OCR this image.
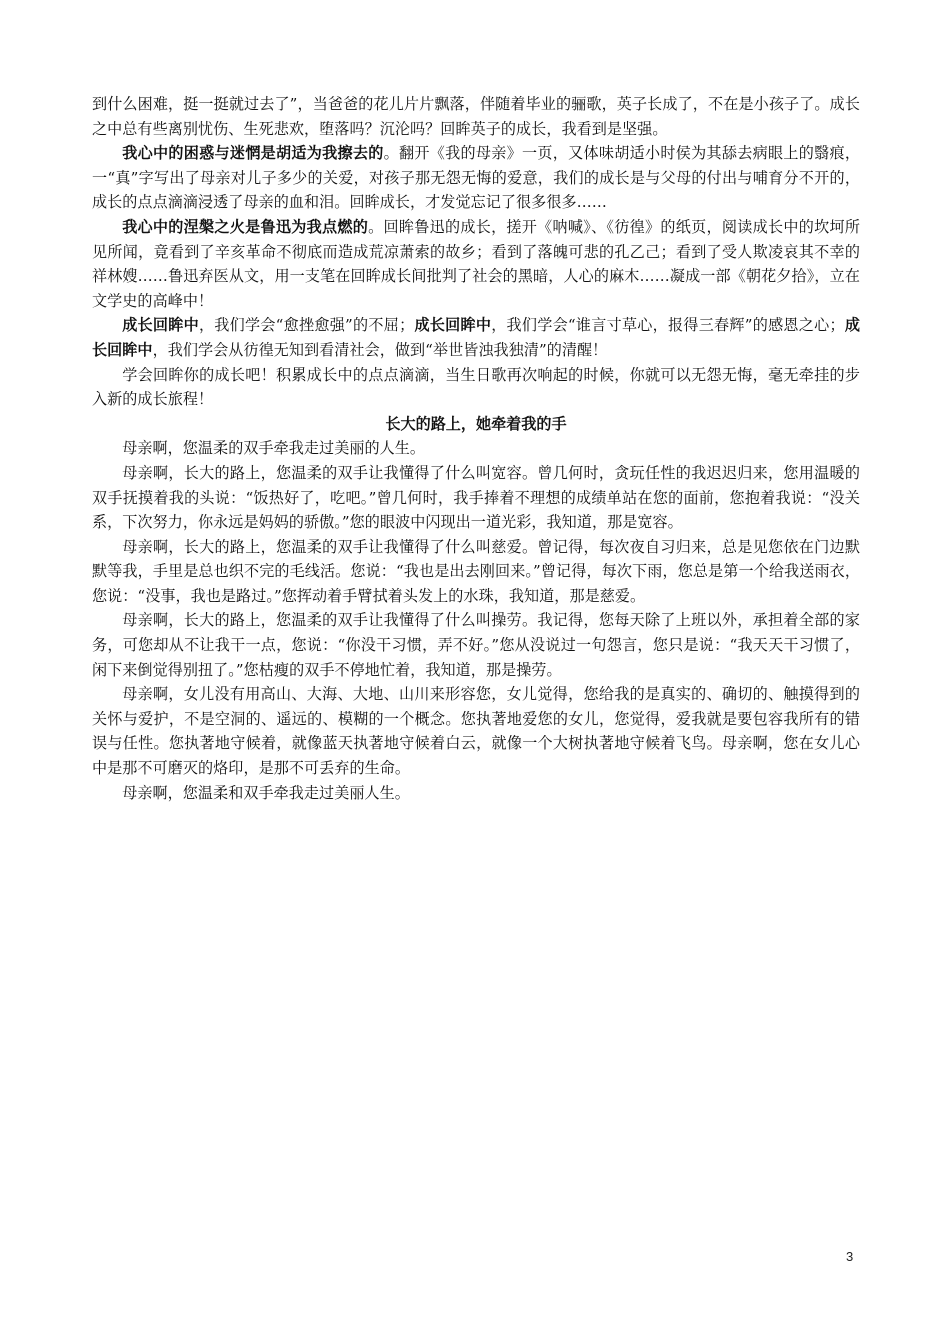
到什么困难，挺一挺就过去了”，当爸爸的花儿片片飘落，伴随着毕业的骊歌，英子长成了，不在是小孩子了。成长之中总有些离别忧伤、生死悲欢，堕落吗？沉沦吗？回眸英子的成长，我看到是坚强。

我心中的困惑与迷惘是胡适为我擦去的。翻开《我的母亲》一页，又体味胡适小时侯为其舔去病眼上的翳痕，一“真”字写出了母亲对儿子多少的关爱，对孩子那无怨无悔的爱意，我们的成长是与父母的付出与哺育分不开的，成长的点点滴滴浸透了母亲的血和泪。回眸成长，才发觉忘记了很多很多……

我心中的涅槃之火是鲁迅为我点燃的。回眸鲁迅的成长，搓开《呐喊》、《彷徨》的纸页，阅读成长中的坎坷所见所闻，竟看到了辛亥革命不彻底而造成荒凉萧索的故乡；看到了落魄可悲的孔乙己；看到了受人欺凌哀其不幸的祥林嫂……鲁迅弃医从文，用一支笔在回眸成长间批判了社会的黑暗，人心的麻木……凝成一部《朝花夕拾》，立在文学史的高峰中！

成长回眸中，我们学会“愈挫愈强”的不屈；成长回眸中，我们学会“谁言寸草心，报得三春辉”的感恩之心；成长回眸中，我们学会从彷徨无知到看清社会，做到“举世皆浊我独清”的清醒！

学会回眸你的成长吧！积累成长中的点点滴滴，当生日歌再次响起的时候，你就可以无怨无悔，毫无牵挂的步入新的成长旅程！

长大的路上，她牵着我的手

母亲啊，您温柔的双手牵我走过美丽的人生。

母亲啊，长大的路上，您温柔的双手让我懂得了什么叫宽容。曾几何时，贪玩任性的我迟迟归来，您用温暖的双手抚摸着我的头说：“饭热好了，吃吧。”曾几何时，我手捧着不理想的成绩单站在您的面前，您抱着我说：“没关系，下次努力，你永远是妈妈的骄傲。”您的眼波中闪现出一道光彩，我知道，那是宽容。

母亲啊，长大的路上，您温柔的双手让我懂得了什么叫慈爱。曾记得，每次夜自习归来，总是见您依在门边默默等我，手里是总也织不完的毛线活。您说：“我也是出去刚回来。”曾记得，每次下雨，您总是第一个给我送雨衣，您说：“没事，我也是路过。”您挥动着手臂拭着头发上的水珠，我知道，那是慈爱。

母亲啊，长大的路上，您温柔的双手让我懂得了什么叫操劳。我记得，您每天除了上班以外，承担着全部的家务，可您却从不让我干一点，您说：“你没干习惯，弄不好。”您从没说过一句怨言，您只是说：“我天天干习惯了，闲下来倒觉得别扭了。”您枯瘦的双手不停地忙着，我知道，那是操劳。

母亲啊，女儿没有用高山、大海、大地、山川来形容您，女儿觉得，您给我的是真实的、确切的、触摸得到的关怀与爱护，不是空洞的、遥远的、模糊的一个概念。您执著地爱您的女儿，您觉得，爱我就是要包容我所有的错误与任性。您执著地守候着，就像蓝天执著地守候着白云，就像一个大树执著地守候着飞鸟。母亲啊，您在女儿心中是那不可磨灭的烙印，是那不可丢弃的生命。

母亲啊，您温柔和双手牵我走过美丽人生。

3
